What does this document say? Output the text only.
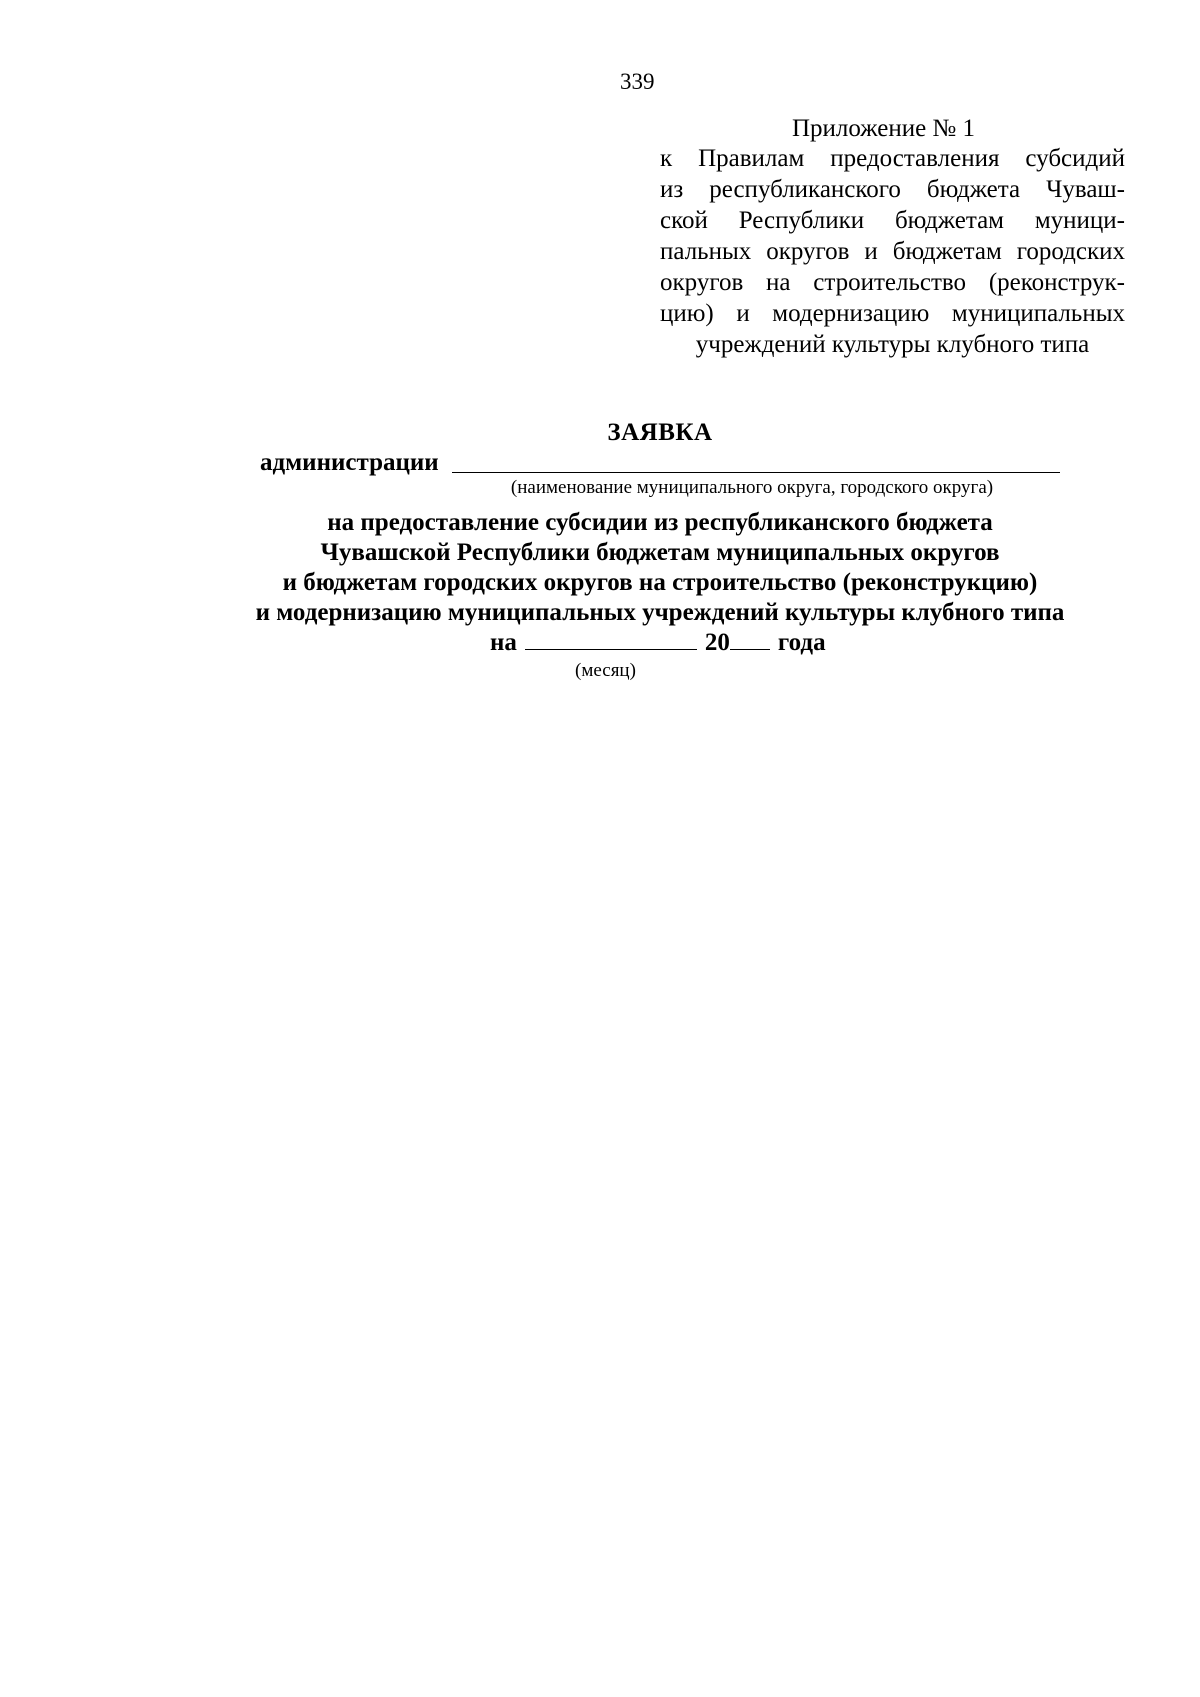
339
Приложение № 1
к Правилам предоставления субсидий
из республиканского бюджета Чуваш-
ской Республики бюджетам муници-
пальных округов и бюджетам городских
округов на строительство (реконструк-
цию) и модернизацию муниципальных
учреждений культуры клубного типа
ЗАЯВКА
администрации
(наименование муниципального округа, городского округа)
на предоставление субсидии из республиканского бюджета
Чувашской Республики бюджетам муниципальных округов
и бюджетам городских округов на строительство (реконструкцию)
и модернизацию муниципальных учреждений культуры клубного типа
на	20 года
(месяц)
